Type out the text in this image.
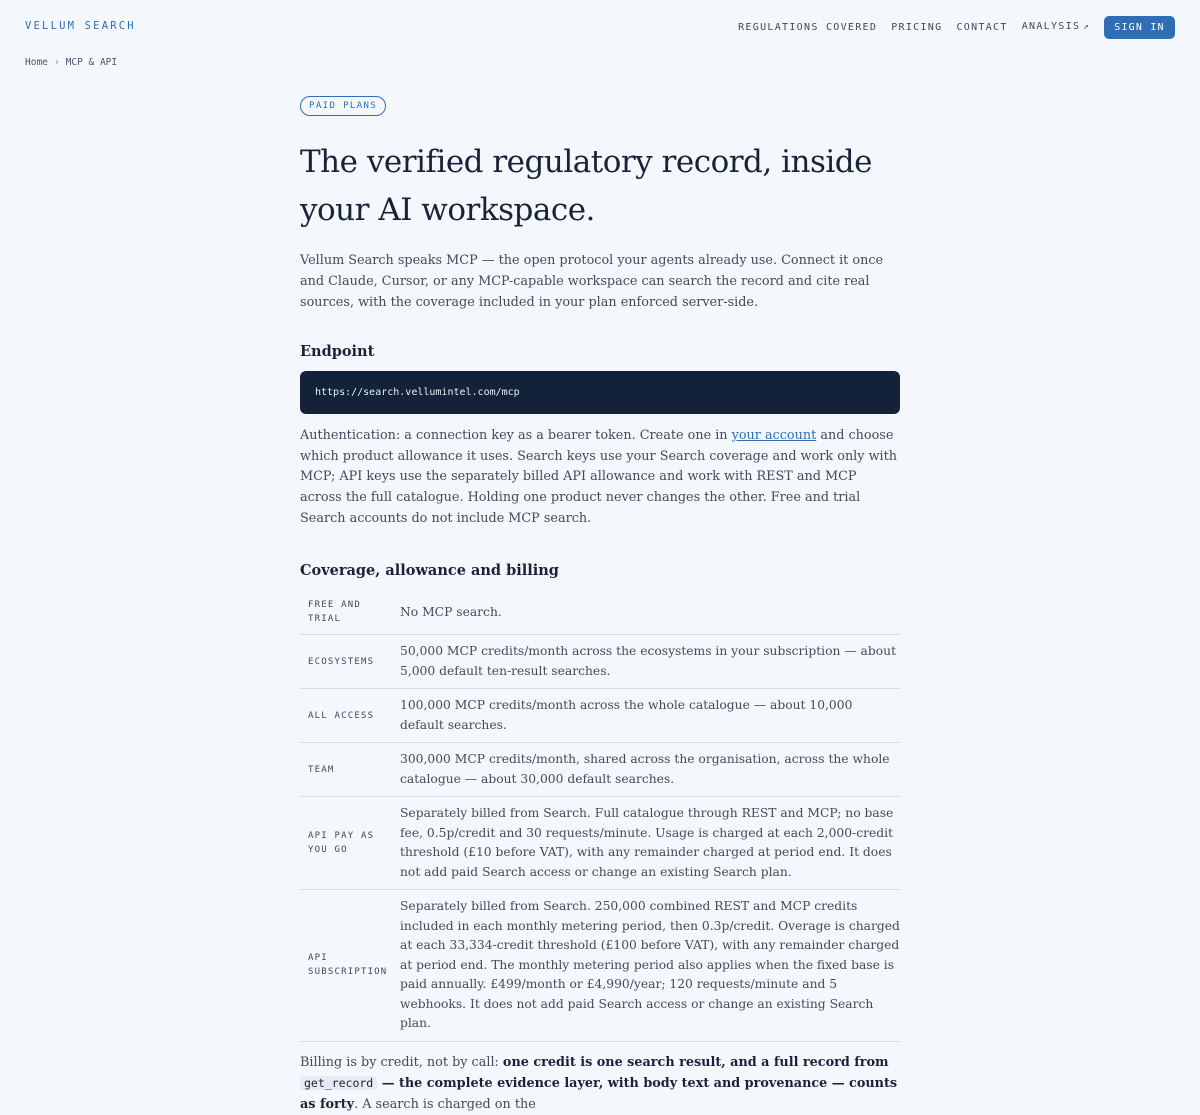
VELLUM SEARCH	REGULATIONS COVERED PRICING CONTACT ANALYSIS ↗	SIGN IN
Home › MCP & API
PAID PLANS
The verified regulatory record, inside your AI workspace.

Vellum Search speaks MCP — the open protocol your agents already use. Connect it once and Claude, Cursor, or any MCP-capable workspace can search the record and cite real sources, with the coverage included in your plan enforced server-side.

Endpoint
https://search.vellumintel.com/mcp

Authentication: a connection key as a bearer token. Create one in your account and choose which product allowance it uses. Search keys use your Search coverage and work only with MCP; API keys use the separately billed API allowance and work with REST and MCP across the full catalogue. Holding one product never changes the other. Free and trial Search accounts do not include MCP search.

Coverage, allowance and billing
FREE AND TRIAL	No MCP search.
ECOSYSTEMS	50,000 MCP credits/month across the ecosystems in your subscription — about 5,000 default ten-result searches.
ALL ACCESS	100,000 MCP credits/month across the whole catalogue — about 10,000 default searches.
TEAM	300,000 MCP credits/month, shared across the organisation, across the whole catalogue — about 30,000 default searches.
API PAY AS YOU GO	Separately billed from Search. Full catalogue through REST and MCP; no base fee, 0.5p/credit and 30 requests/minute. Usage is charged at each 2,000-credit threshold (£10 before VAT), with any remainder charged at period end. It does not add paid Search access or change an existing Search plan.
API SUBSCRIPTION	Separately billed from Search. 250,000 combined REST and MCP credits included in each monthly metering period, then 0.3p/credit. Overage is charged at each 33,334-credit threshold (£100 before VAT), with any remainder charged at period end. The monthly metering period also applies when the fixed base is paid annually. £499/month or £4,990/year; 120 requests/minute and 5 webhooks. It does not add paid Search access or change an existing Search plan.

Billing is by credit, not by call: one credit is one search result, and a full record from get_record — the complete evidence layer, with body text and provenance — counts as forty. A search is charged on the
